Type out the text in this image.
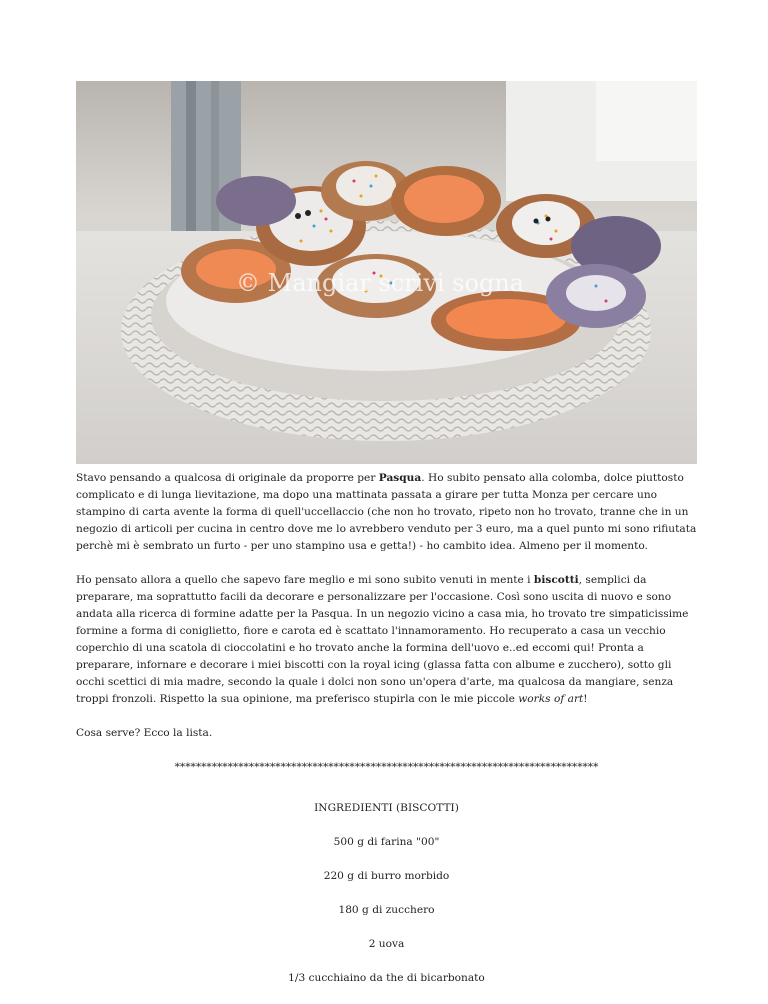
© Mangiar scrivi sogna

Stavo pensando a qualcosa di originale da proporre per Pasqua. Ho subito pensato alla colomba, dolce piuttosto complicato e di lunga lievitazione, ma dopo una mattinata passata a girare per tutta Monza per cercare uno stampino di carta avente la forma di quell'uccellaccio (che non ho trovato, ripeto non ho trovato, tranne che in un negozio di articoli per cucina in centro dove me lo avrebbero venduto per 3 euro, ma a quel punto mi sono rifiutata perchè mi è sembrato un furto - per uno stampino usa e getta!) - ho cambito idea. Almeno per il momento.

Ho pensato allora a quello che sapevo fare meglio e mi sono subito venuti in mente i biscotti, semplici da preparare, ma soprattutto facili da decorare e personalizzare per l'occasione. Così sono uscita di nuovo e sono andata alla ricerca di formine adatte per la Pasqua. In un negozio vicino a casa mia, ho trovato tre simpaticissime formine a forma di coniglietto, fiore e carota ed è scattato l'innamoramento. Ho recuperato a casa un vecchio coperchio di una scatola di cioccolatini e ho trovato anche la formina dell'uovo e..ed eccomi qui! Pronta a preparare, infornare e decorare i miei biscotti con la royal icing (glassa fatta con albume e zucchero), sotto gli occhi scettici di mia madre, secondo la quale i dolci non sono un'opera d'arte, ma qualcosa da mangiare, senza troppi fronzoli. Rispetto la sua opinione, ma preferisco stupirla con le mie piccole works of art!

Cosa serve? Ecco la lista.

********************************************************************************

INGREDIENTI (BISCOTTI)

500 g di farina "00"

220 g di burro morbido

180 g di zucchero

2 uova

1/3 cucchiaino da the di bicarbonato
